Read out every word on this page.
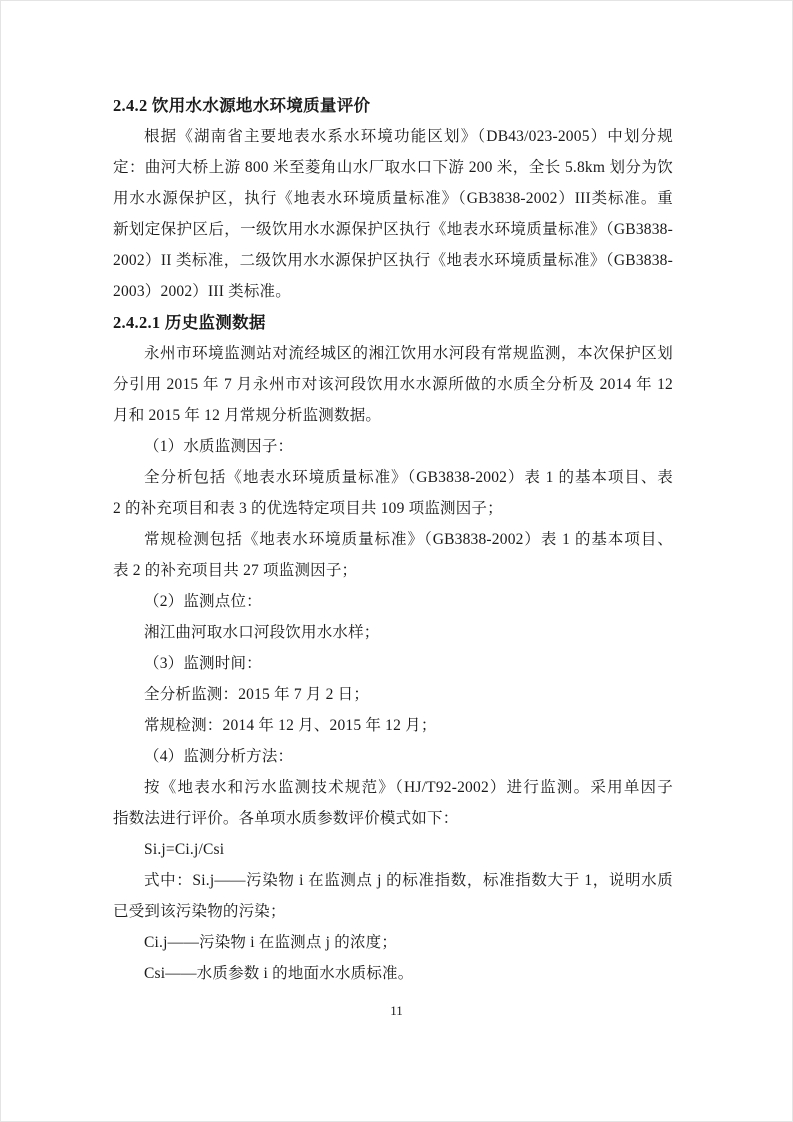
2.4.2 饮用水水源地水环境质量评价
根据《湖南省主要地表水系水环境功能区划》（DB43/023-2005）中划分规
定：曲河大桥上游 800 米至菱角山水厂取水口下游 200 米，全长 5.8km 划分为饮
用水水源保护区，执行《地表水环境质量标准》（GB3838-2002）III类标准。重
新划定保护区后，一级饮用水水源保护区执行《地表水环境质量标准》（GB3838-
2002）II 类标准，二级饮用水水源保护区执行《地表水环境质量标准》（GB3838-
2003）2002）III 类标准。
2.4.2.1 历史监测数据
永州市环境监测站对流经城区的湘江饮用水河段有常规监测，本次保护区划
分引用 2015 年 7 月永州市对该河段饮用水水源所做的水质全分析及 2014 年 12
月和 2015 年 12 月常规分析监测数据。
（1）水质监测因子：
全分析包括《地表水环境质量标准》（GB3838-2002）表 1 的基本项目、表
2 的补充项目和表 3 的优选特定项目共 109 项监测因子；
常规检测包括《地表水环境质量标准》（GB3838-2002）表 1 的基本项目、
表 2 的补充项目共 27 项监测因子；
（2）监测点位：
湘江曲河取水口河段饮用水水样；
（3）监测时间：
全分析监测：2015 年 7 月 2 日；
常规检测：2014 年 12 月、2015 年 12 月；
（4）监测分析方法：
按《地表水和污水监测技术规范》（HJ/T92-2002）进行监测。采用单因子
指数法进行评价。各单项水质参数评价模式如下：
Si.j=Ci.j/Csi
式中：Si.j——污染物 i 在监测点 j 的标准指数，标准指数大于 1，说明水质
已受到该污染物的污染；
Ci.j——污染物 i 在监测点 j 的浓度；
Csi——水质参数 i 的地面水水质标准。
11
